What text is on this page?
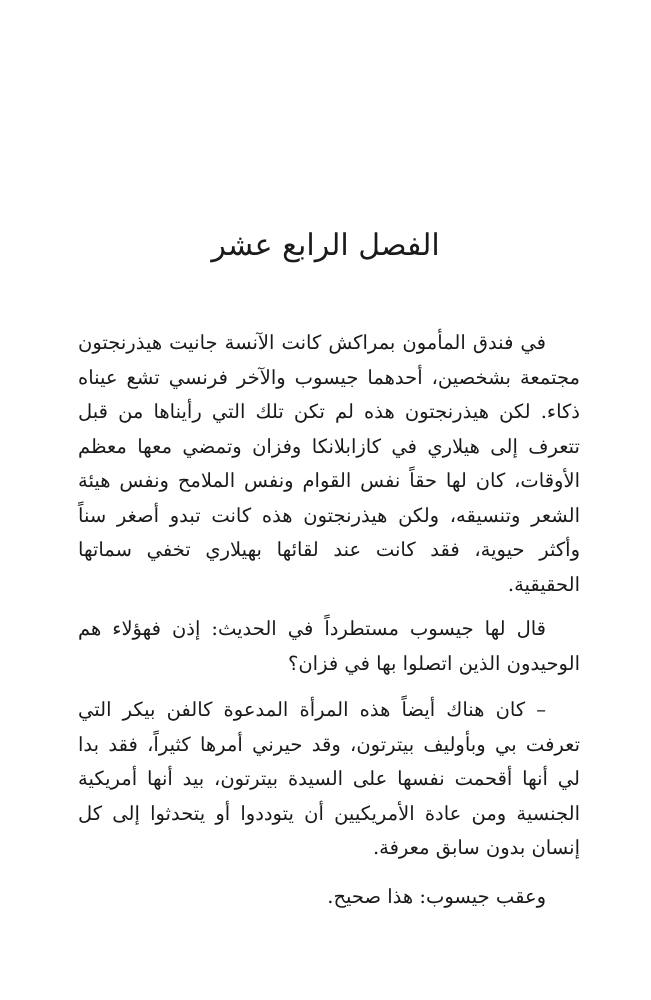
الفصل الرابع عشر

في فندق المأمون بمراكش كانت الآنسة جانيت هيذرنجتون مجتمعة بشخصين، أحدهما جيسوب والآخر فرنسي تشع عيناه ذكاء. لكن هيذرنجتون هذه لم تكن تلك التي رأيناها من قبل تتعرف إلى هيلاري في كازابلانكا وفزان وتمضي معها معظم الأوقات، كان لها حقاً نفس القوام ونفس الملامح ونفس هيئة الشعر وتنسيقه، ولكن هيذرنجتون هذه كانت تبدو أصغر سناً وأكثر حيوية، فقد كانت عند لقائها بهيلاري تخفي سماتها الحقيقية.

قال لها جيسوب مستطرداً في الحديث: إذن فهؤلاء هم الوحيدون الذين اتصلوا بها في فزان؟

– كان هناك أيضاً هذه المرأة المدعوة كالفن بيكر التي تعرفت بي وبأوليف بيترتون، وقد حيرني أمرها كثيراً، فقد بدا لي أنها أقحمت نفسها على السيدة بيترتون، بيد أنها أمريكية الجنسية ومن عادة الأمريكيين أن يتوددوا أو يتحدثوا إلى كل إنسان بدون سابق معرفة.

وعقب جيسوب: هذا صحيح.
